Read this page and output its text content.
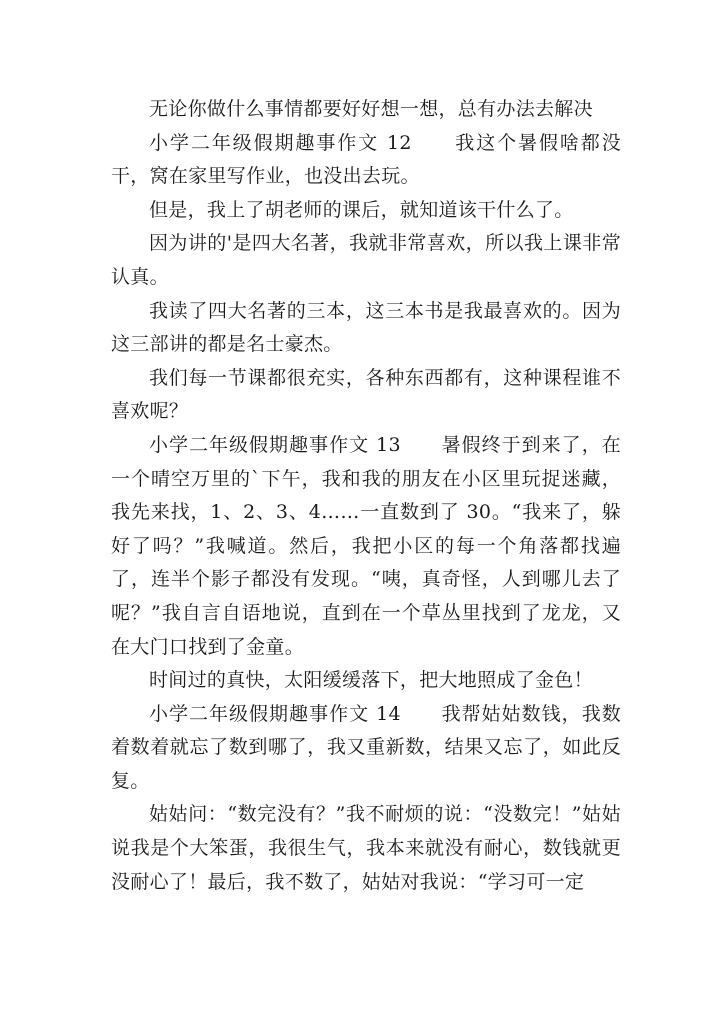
无论你做什么事情都要好好想一想，总有办法去解决

小学二年级假期趣事作文 12　　我这个暑假啥都没干，窝在家里写作业，也没出去玩。

但是，我上了胡老师的课后，就知道该干什么了。

因为讲的'是四大名著，我就非常喜欢，所以我上课非常认真。

我读了四大名著的三本，这三本书是我最喜欢的。因为这三部讲的都是名士豪杰。

我们每一节课都很充实，各种东西都有，这种课程谁不喜欢呢？

小学二年级假期趣事作文 13　　暑假终于到来了，在一个晴空万里的`下午，我和我的朋友在小区里玩捉迷藏，我先来找，1、2、3、4……一直数到了 30。“我来了，躲好了吗？”我喊道。然后，我把小区的每一个角落都找遍了，连半个影子都没有发现。“咦，真奇怪，人到哪儿去了呢？”我自言自语地说，直到在一个草丛里找到了龙龙，又在大门口找到了金童。

时间过的真快，太阳缓缓落下，把大地照成了金色！

小学二年级假期趣事作文 14　　我帮姑姑数钱，我数着数着就忘了数到哪了，我又重新数，结果又忘了，如此反复。

姑姑问：“数完没有？”我不耐烦的说：“没数完！”姑姑说我是个大笨蛋，我很生气，我本来就没有耐心，数钱就更没耐心了！最后，我不数了，姑姑对我说：“学习可一定
